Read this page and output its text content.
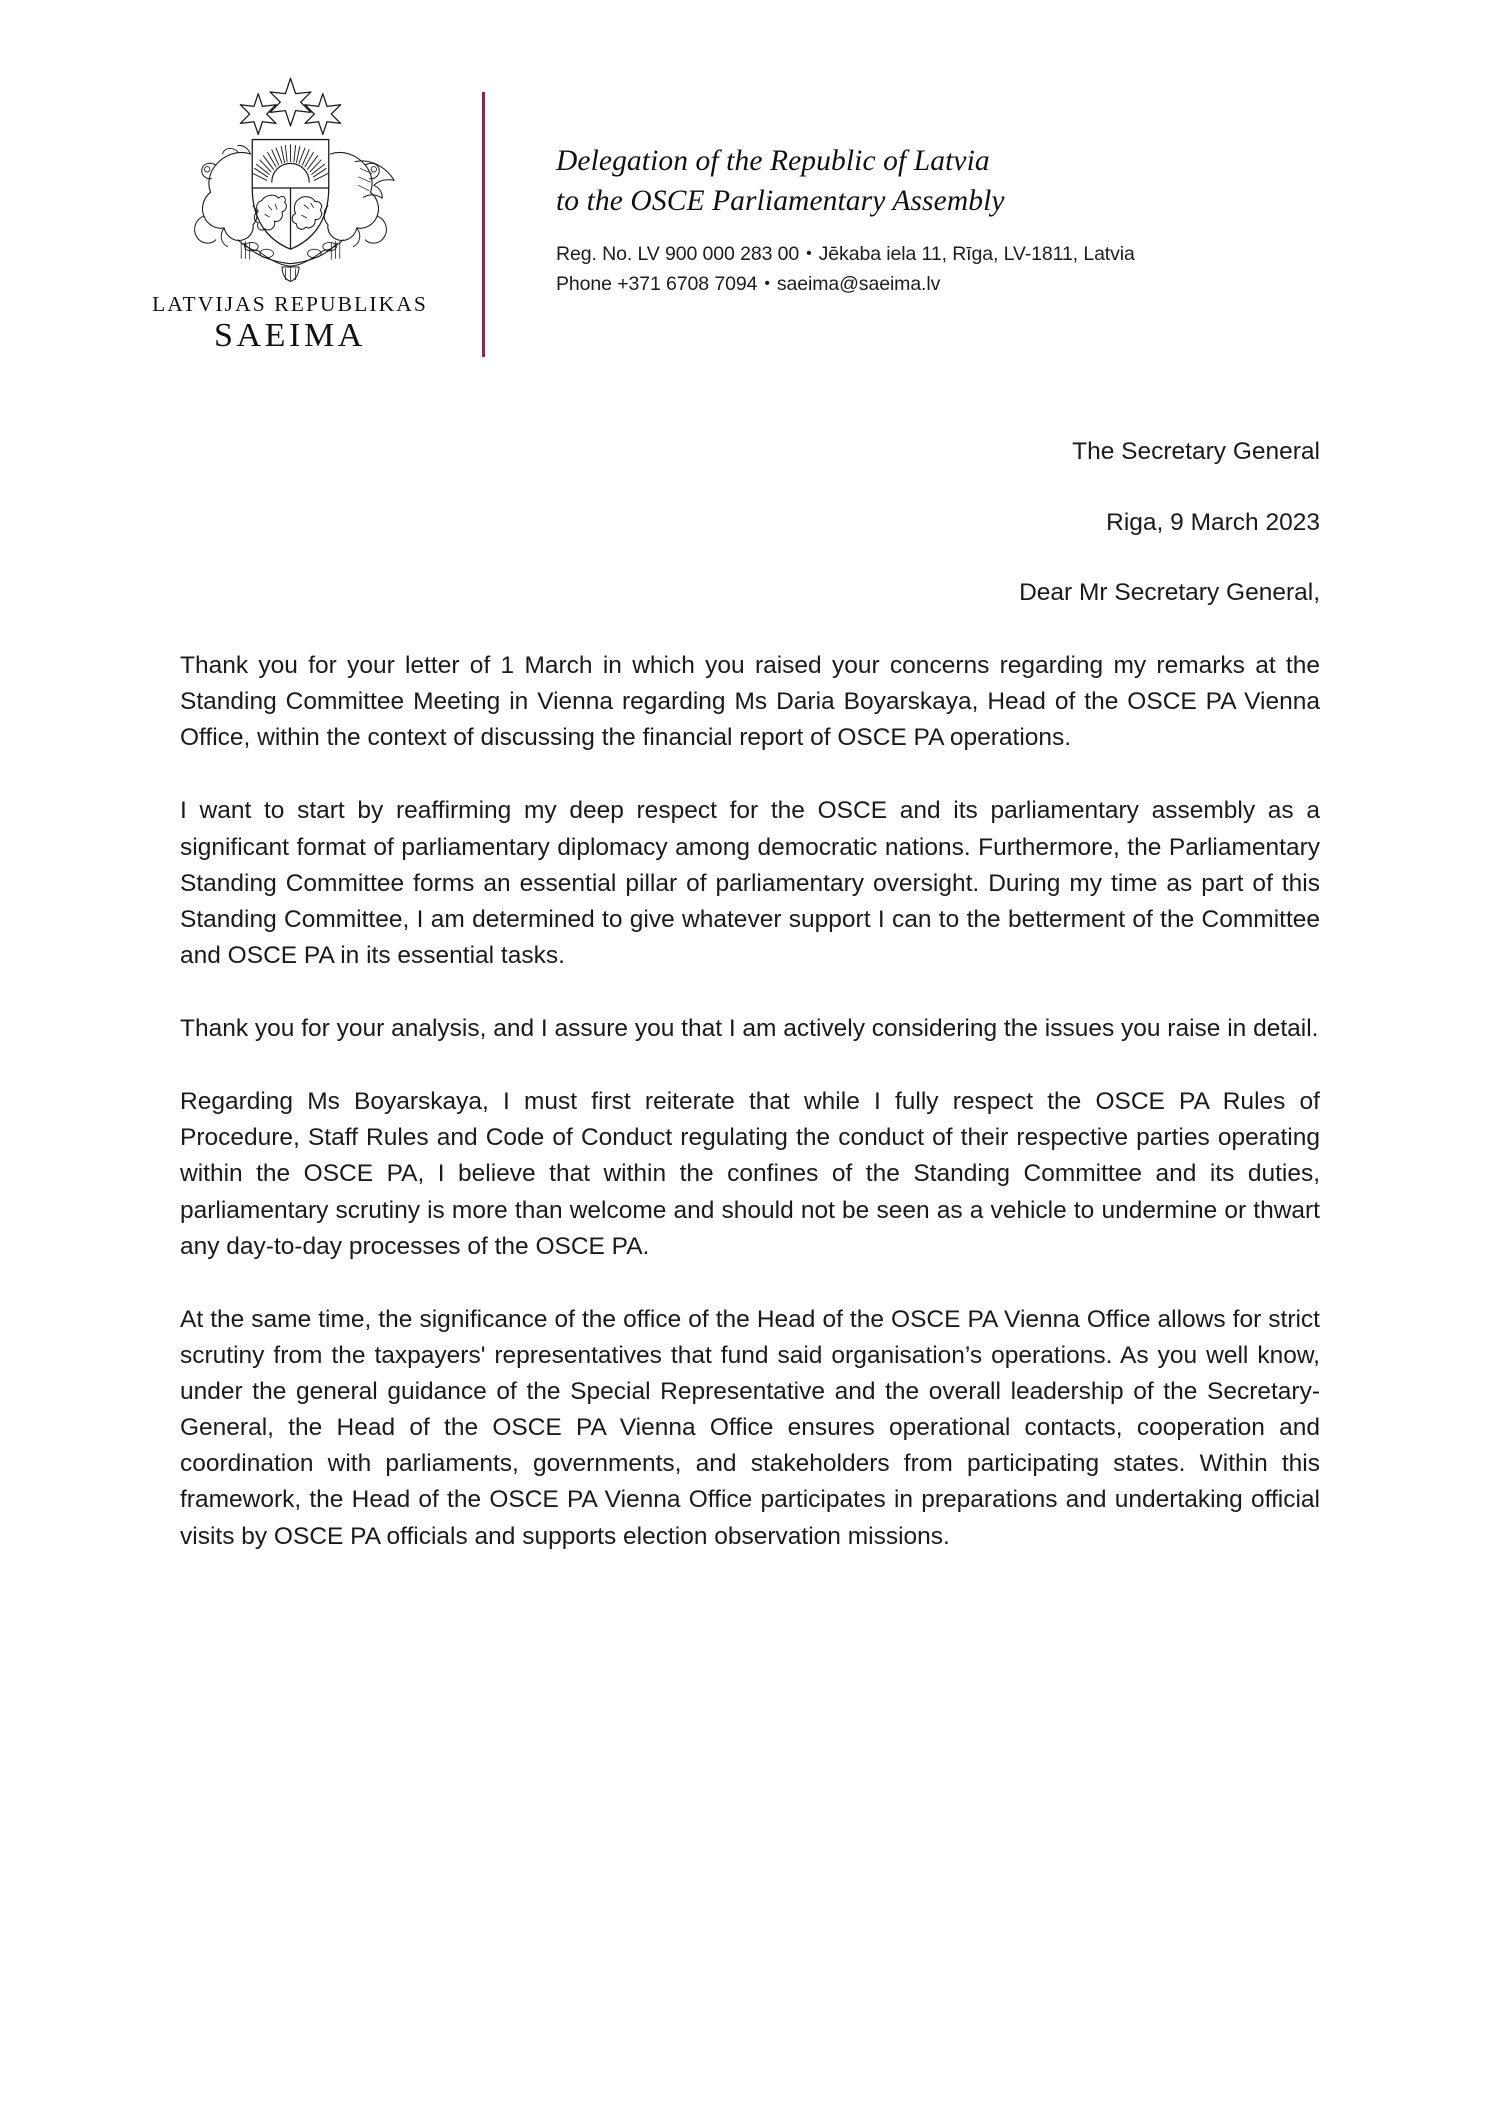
LATVIJAS REPUBLIKAS
SAEIMA
Delegation of the Republic of Latvia
to the OSCE Parliamentary Assembly
Reg. No. LV 900 000 283 00 • Jēkaba iela 11, Rīga, LV-1811, Latvia
Phone +371 6708 7094 • saeima@saeima.lv
The Secretary General
Riga, 9 March 2023
Dear Mr Secretary General,

Thank you for your letter of 1 March in which you raised your concerns regarding my remarks at the Standing Committee Meeting in Vienna regarding Ms Daria Boyarskaya, Head of the OSCE PA Vienna Office, within the context of discussing the financial report of OSCE PA operations.

I want to start by reaffirming my deep respect for the OSCE and its parliamentary assembly as a significant format of parliamentary diplomacy among democratic nations. Furthermore, the Parliamentary Standing Committee forms an essential pillar of parliamentary oversight. During my time as part of this Standing Committee, I am determined to give whatever support I can to the betterment of the Committee and OSCE PA in its essential tasks.

Thank you for your analysis, and I assure you that I am actively considering the issues you raise in detail.

Regarding Ms Boyarskaya, I must first reiterate that while I fully respect the OSCE PA Rules of Procedure, Staff Rules and Code of Conduct regulating the conduct of their respective parties operating within the OSCE PA, I believe that within the confines of the Standing Committee and its duties, parliamentary scrutiny is more than welcome and should not be seen as a vehicle to undermine or thwart any day-to-day processes of the OSCE PA.

At the same time, the significance of the office of the Head of the OSCE PA Vienna Office allows for strict scrutiny from the taxpayers' representatives that fund said organisation’s operations. As you well know, under the general guidance of the Special Representative and the overall leadership of the Secretary-General, the Head of the OSCE PA Vienna Office ensures operational contacts, cooperation and coordination with parliaments, governments, and stakeholders from participating states. Within this framework, the Head of the OSCE PA Vienna Office participates in preparations and undertaking official visits by OSCE PA officials and supports election observation missions.
